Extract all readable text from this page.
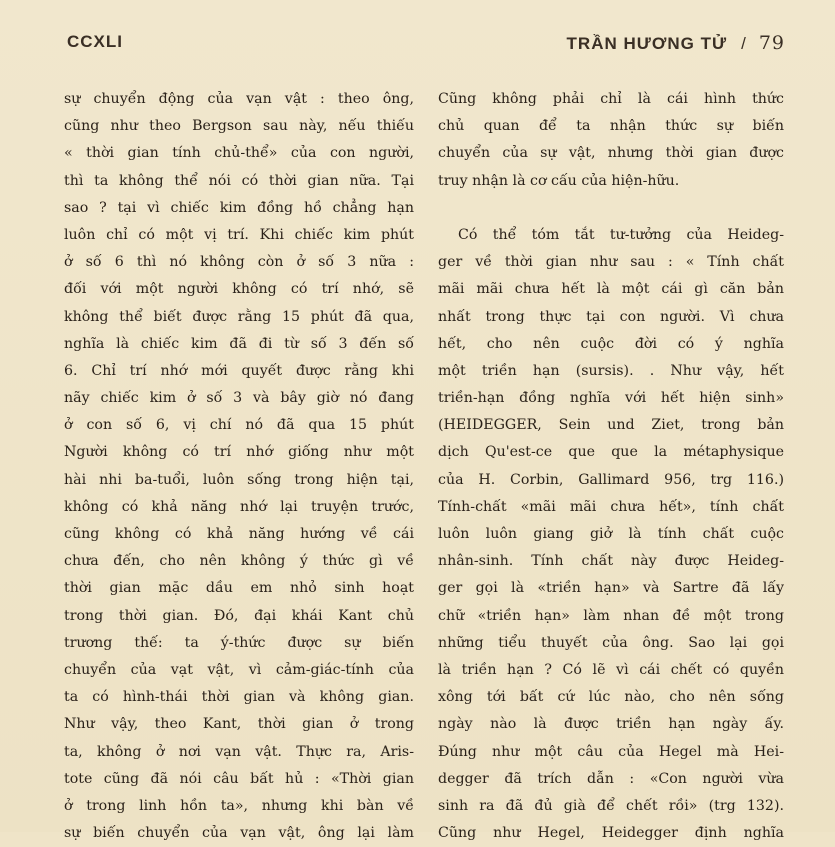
CCXLI	TRẦN HƯƠNG TỬ / 79
sự chuyển động của vạn vật : theo ông,
cũng như theo Bergson sau này, nếu thiếu
« thời gian tính chủ-thể» của con người,
thì ta không thể nói có thời gian nữa. Tại
sao ? tại vì chiếc kim đồng hồ chẳng hạn
luôn chỉ có một vị trí. Khi chiếc kim phút
ở số 6 thì nó không còn ở số 3 nữa :
đối với một người không có trí nhớ, sẽ
không thể biết được rằng 15 phút đã qua,
nghĩa là chiếc kim đã đi từ số 3 đến số
6. Chỉ trí nhớ mới quyết được rằng khi
nãy chiếc kim ở số 3 và bây giờ nó đang
ở con số 6, vị chí nó đã qua 15 phút
Người không có trí nhớ giống như một
hài nhi ba-tuổi, luôn sống trong hiện tại,
không có khả năng nhớ lại truyện trước,
cũng không có khả năng hướng về cái
chưa đến, cho nên không ý thức gì về
thời gian mặc dầu em nhỏ sinh hoạt
trong thời gian. Đó, đại khái Kant chủ
trương thế: ta ý-thức được sự biến
chuyển của vạt vật, vì cảm-giác-tính của
ta có hình-thái thời gian và không gian.
Như vậy, theo Kant, thời gian ở trong
ta, không ở nơi vạn vật. Thực ra, Aris-
tote cũng đã nói câu bất hủ : «Thời gian
ở trong linh hồn ta», nhưng khi bàn về
sự biến chuyển của vạn vật, ông lại làm
Cũng không phải chỉ là cái hình thức
chủ quan để ta nhận thức sự biến
chuyển của sự vật, nhưng thời gian được
truy nhận là cơ cấu của hiện-hữu.
Có thể tóm tắt tư-tưởng của Heideg-
ger về thời gian như sau : « Tính chất
mãi mãi chưa hết là một cái gì căn bản
nhất trong thực tại con người. Vì chưa
hết, cho nên cuộc đời có ý nghĩa
một triền hạn (sursis). . Như vậy, hết
triền-hạn đồng nghĩa với hết hiện sinh»
(HEIDEGGER, Sein und Ziet, trong bản
dịch Qu'est-ce que que la métaphysique
của H. Corbin, Gallimard 956, trg 116.)
Tính-chất «mãi mãi chưa hết», tính chất
luôn luôn giang giở là tính chất cuộc
nhân-sinh. Tính chất này được Heideg-
ger gọi là «triền hạn» và Sartre đã lấy
chữ «triền hạn» làm nhan đề một trong
những tiểu thuyết của ông. Sao lại gọi
là triền hạn ? Có lẽ vì cái chết có quyền
xông tới bất cứ lúc nào, cho nên sống
ngày nào là được triền hạn ngày ấy.
Đúng như một câu của Hegel mà Hei-
degger đã trích dẫn : «Con người vừa
sinh ra đã đủ già để chết rồi» (trg 132).
Cũng như Hegel, Heidegger định nghĩa
